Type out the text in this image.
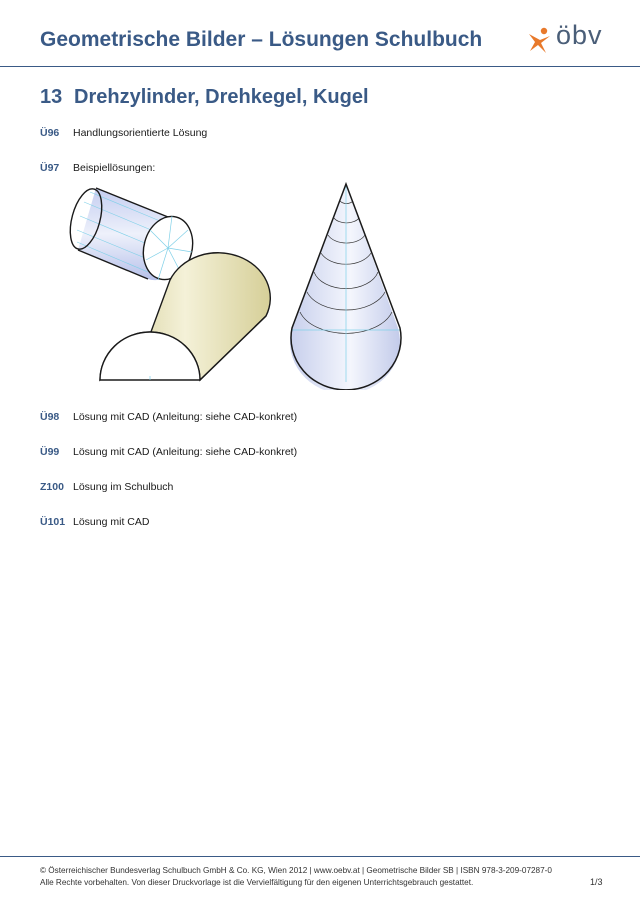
Geometrische Bilder – Lösungen Schulbuch	öbv
13 Drehzylinder, Drehkegel, Kugel
Ü96	Handlungsorientierte Lösung
Ü97	Beispiellösungen:
Ü98	Lösung mit CAD (Anleitung: siehe CAD-konkret)
Ü99	Lösung mit CAD (Anleitung: siehe CAD-konkret)
Z100 Lösung im Schulbuch
Ü101 Lösung mit CAD
© Österreichischer Bundesverlag Schulbuch GmbH & Co. KG, Wien 2012 | www.oebv.at | Geometrische Bilder SB | ISBN 978-3-209-07287-0
Alle Rechte vorbehalten. Von dieser Druckvorlage ist die Vervielfältigung für den eigenen Unterrichtsgebrauch gestattet.	1/3
